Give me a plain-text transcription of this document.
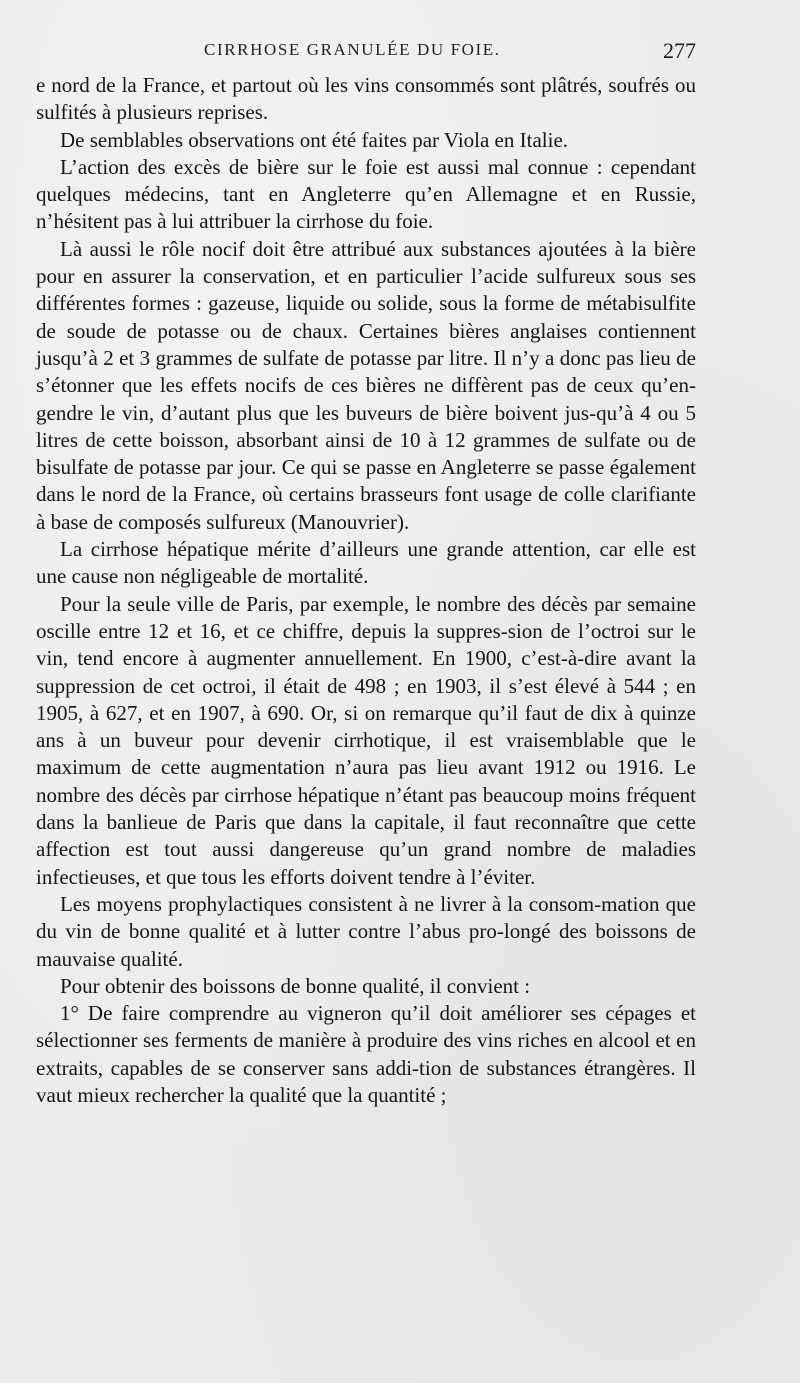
CIRRHOSE GRANULÉE DU FOIE.	277

e nord de la France, et partout où les vins consommés sont plâtrés, soufrés ou sulfités à plusieurs reprises.

De semblables observations ont été faites par Viola en Italie.

L’action des excès de bière sur le foie est aussi mal connue : cependant quelques médecins, tant en Angleterre qu’en Allemagne et en Russie, n’hésitent pas à lui attribuer la cirrhose du foie.

Là aussi le rôle nocif doit être attribué aux substances ajoutées à la bière pour en assurer la conservation, et en particulier l’acide sulfureux sous ses différentes formes : gazeuse, liquide ou solide, sous la forme de métabisulfite de soude de potasse ou de chaux. Certaines bières anglaises contiennent jusqu’à 2 et 3 grammes de sulfate de potasse par litre. Il n’y a donc pas lieu de s’étonner que les effets nocifs de ces bières ne diffèrent pas de ceux qu’en-gendre le vin, d’autant plus que les buveurs de bière boivent jus-qu’à 4 ou 5 litres de cette boisson, absorbant ainsi de 10 à 12 grammes de sulfate ou de bisulfate de potasse par jour. Ce qui se passe en Angleterre se passe également dans le nord de la France, où certains brasseurs font usage de colle clarifiante à base de composés sulfureux (Manouvrier).

La cirrhose hépatique mérite d’ailleurs une grande attention, car elle est une cause non négligeable de mortalité.

Pour la seule ville de Paris, par exemple, le nombre des décès par semaine oscille entre 12 et 16, et ce chiffre, depuis la suppres-sion de l’octroi sur le vin, tend encore à augmenter annuellement. En 1900, c’est-à-dire avant la suppression de cet octroi, il était de 498 ; en 1903, il s’est élevé à 544 ; en 1905, à 627, et en 1907, à 690. Or, si on remarque qu’il faut de dix à quinze ans à un buveur pour devenir cirrhotique, il est vraisemblable que le maximum de cette augmentation n’aura pas lieu avant 1912 ou 1916. Le nombre des décès par cirrhose hépatique n’étant pas beaucoup moins fréquent dans la banlieue de Paris que dans la capitale, il faut reconnaître que cette affection est tout aussi dangereuse qu’un grand nombre de maladies infectieuses, et que tous les efforts doivent tendre à l’éviter.

Les moyens prophylactiques consistent à ne livrer à la consom-mation que du vin de bonne qualité et à lutter contre l’abus pro-longé des boissons de mauvaise qualité.

Pour obtenir des boissons de bonne qualité, il convient :

1° De faire comprendre au vigneron qu’il doit améliorer ses cépages et sélectionner ses ferments de manière à produire des vins riches en alcool et en extraits, capables de se conserver sans addi-tion de substances étrangères. Il vaut mieux rechercher la qualité que la quantité ;
